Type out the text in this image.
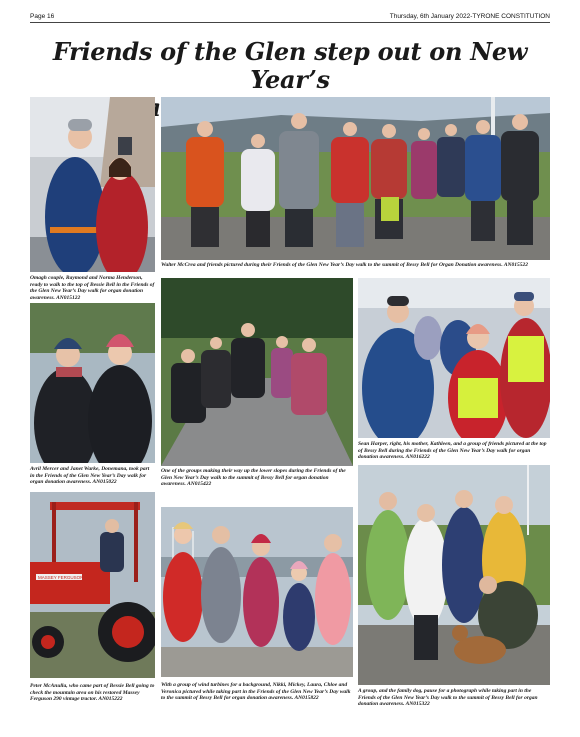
Page 16	Thursday, 6th January 2022-TYRONE CONSTITUTION
Friends of the Glen step out on New Year’s
walk
Omagh couple, Raymond and Norma Henderson, ready to walk to the top of Bessie Bell in the Friends of the Glen New Year’s Day walk for organ donation awareness. AN015122
Walter McCrea and friends pictured during their Friends of the Glen New Year’s Day walk to the summit of Bessy Bell for Organ Donation awareness. AN015522
Avril Mercer and Janet Warke, Donemana, took part in the Friends of the Glen New Year’s Day walk for organ donation awareness. AN015022
One of the groups making their way up the lower slopes during the Friends of the Glen New Year’s Day walk to the summit of Bessy Bell for organ donation awareness. AN015422
Sean Harper, right, his mother, Kathleen, and a group of friends pictured at the top of Bessy Bell during the Friends of the Glen New Year’s Day walk for organ donation awareness. AN016222
MASSEY FERGUSON
Peter McAnulla, who came part of Bessie Bell going to check the mountain area on his restored Massey Ferguson 290 vintage tractor. AN015222
With a group of wind turbines for a background, Nikki, Mickey, Laura, Chloe and Veronica pictured while taking part in the Friends of the Glen New Year’s Day walk to the summit of Bessy Bell for organ donation awareness. AN015822
A group, and the family dog, pause for a photograph while taking part in the Friends of the Glen New Year’s Day walk to the summit of Bessy Bell for organ donation awareness. AN015322
